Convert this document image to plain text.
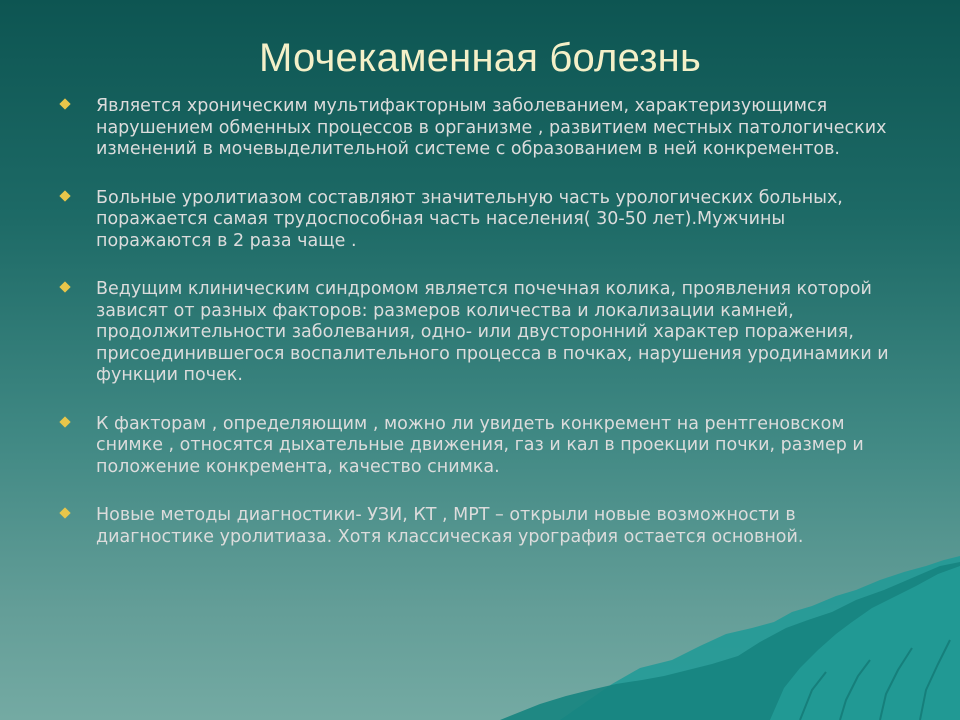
Мочекаменная болезнь
Является хроническим мультифакторным заболеванием, характеризующимся нарушением обменных процессов в организме , развитием местных патологических изменений в мочевыделительной системе с образованием в ней конкрементов.
Больные уролитиазом составляют значительную часть урологических больных, поражается самая трудоспособная часть населения( 30-50 лет).Мужчины поражаются в 2 раза чаще .
Ведущим клиническим синдромом является почечная колика, проявления которой зависят от разных факторов: размеров количества и локализации камней, продолжительности заболевания, одно- или двусторонний характер поражения, присоединившегося воспалительного процесса в почках, нарушения уродинамики и функции почек.
К факторам , определяющим , можно ли увидеть конкремент на рентгеновском снимке , относятся дыхательные движения, газ и кал в проекции почки, размер и положение конкремента, качество снимка.
Новые методы диагностики- УЗИ, КТ , МРТ – открыли новые возможности в диагностике уролитиаза. Хотя классическая урография остается основной.
